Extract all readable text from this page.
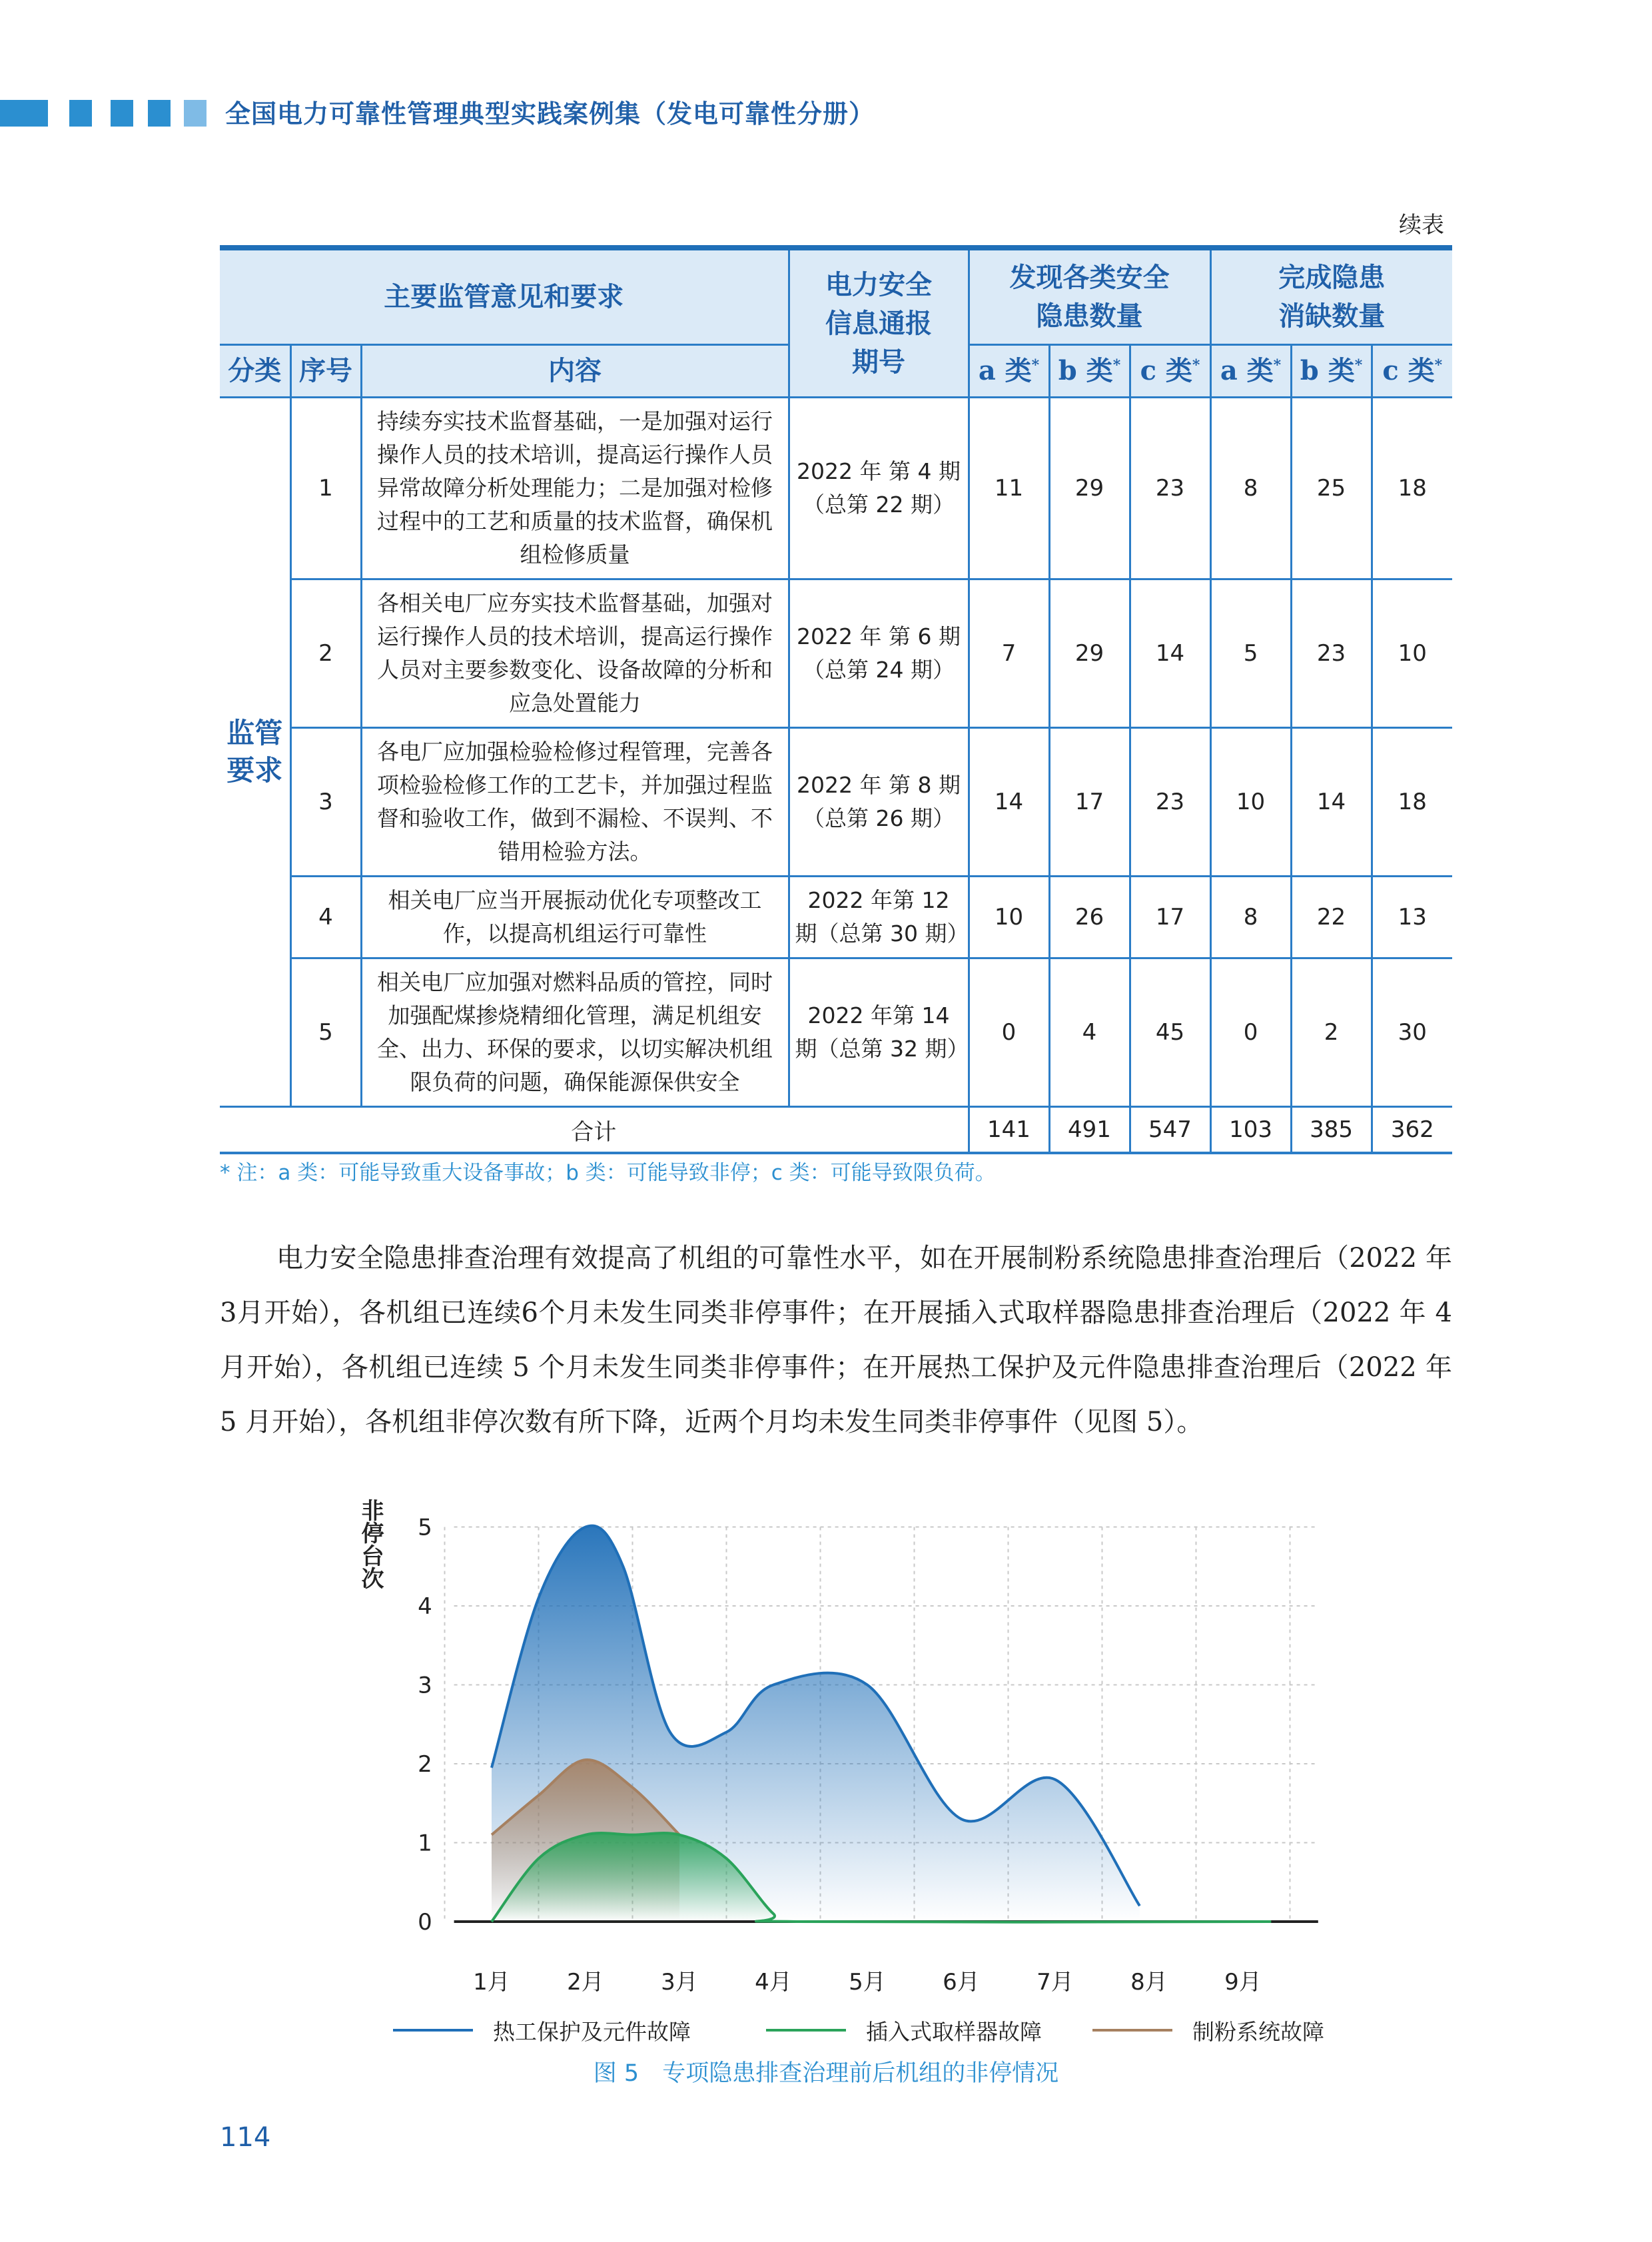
全国电力可靠性管理典型实践案例集（发电可靠性分册）
续表
主要监管意见和要求			电力安全信息通报期号	发现各类安全隐患数量			完成隐患消缺数量		

分类	序号	内容		a 类*	b 类*	c 类*	a 类*	b 类*	c 类*

监管要求	1	持续夯实技术监督基础，一是加强对运行操作人员的技术培训，提高运行操作人员异常故障分析处理能力；二是加强对检修过程中的工艺和质量的技术监督，确保机组检修质量	2022 年 第 4 期（总第 22 期）	11	29	23	8	25	18
	2	各相关电厂应夯实技术监督基础，加强对运行操作人员的技术培训，提高运行操作人员对主要参数变化、设备故障的分析和应急处置能力	2022 年 第 6 期（总第 24 期）	7	29	14	5	23	10
	3	各电厂应加强检验检修过程管理，完善各项检验检修工作的工艺卡，并加强过程监督和验收工作，做到不漏检、不误判、不错用检验方法。	2022 年 第 8 期（总第 26 期）	14	17	23	10	14	18
	4	相关电厂应当开展振动优化专项整改工作，以提高机组运行可靠性	2022 年第 12 期（总第 30 期）	10	26	17	8	22	13
	5	相关电厂应加强对燃料品质的管控，同时加强配煤掺烧精细化管理，满足机组安全、出力、环保的要求，以切实解决机组限负荷的问题，确保能源保供安全	2022 年第 14 期（总第 32 期）	0	4	45	0	2	30
合计				141	491	547	103	385	362
* 注：a 类：可能导致重大设备事故；b 类：可能导致非停；c 类：可能导致限负荷。
电力安全隐患排查治理有效提高了机组的可靠性水平，如在开展制粉系统隐患排查治理后（2022 年3月开始），各机组已连续6个月未发生同类非停事件；在开展插入式取样器隐患排查治理后（2022 年 4 月开始），各机组已连续 5 个月未发生同类非停事件；在开展热工保护及元件隐患排查治理后（2022 年 5 月开始），各机组非停次数有所下降，近两个月均未发生同类非停事件（见图 5）。
0
1
2
3
4
5
1月	2月	3月	4月	5月	6月	7月	8月	9月
非停台次
热工保护及元件故障	插入式取样器故障	制粉系统故障
图 5　专项隐患排查治理前后机组的非停情况
114
